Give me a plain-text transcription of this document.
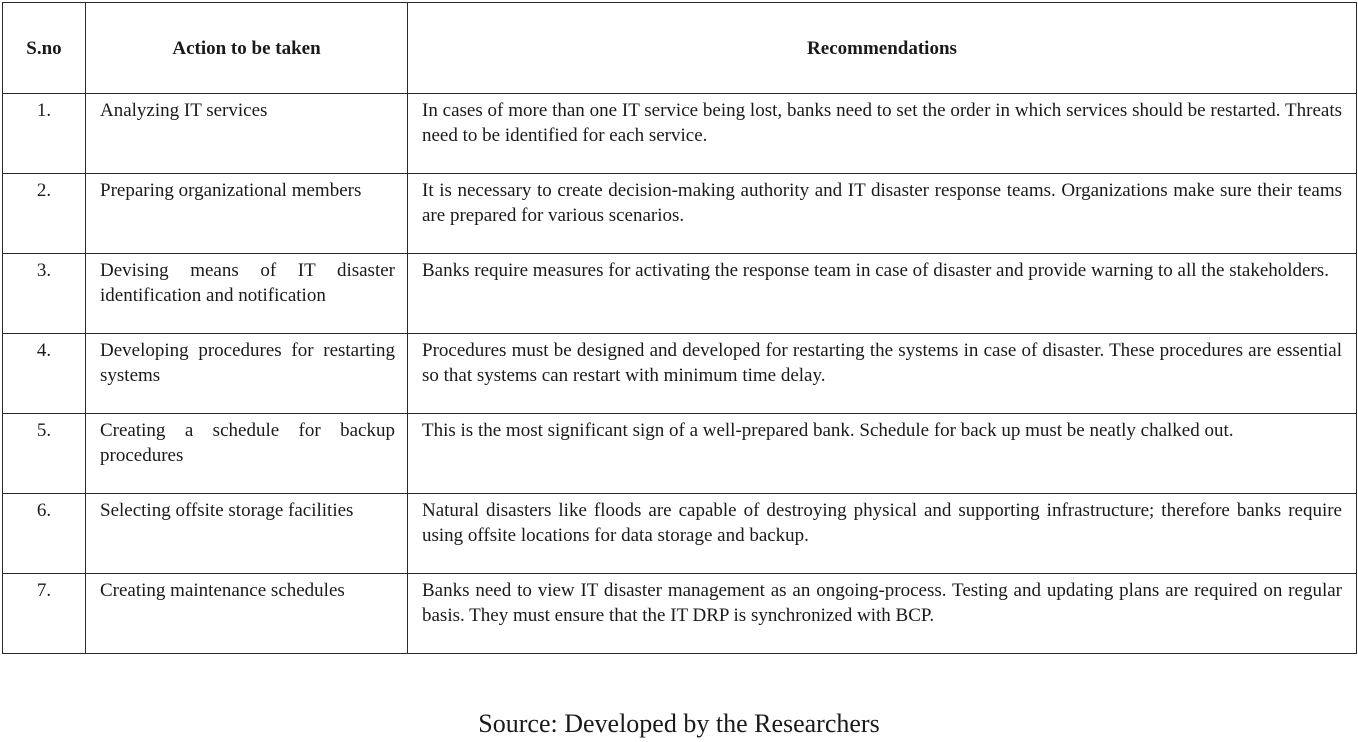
S.no	Action to be taken	Recommendations
1.	Analyzing IT services	In cases of more than one IT service being lost, banks need to set the order in which services should be restarted. Threats need to be identified for each service.
2.	Preparing organizational members	It is necessary to create decision-making authority and IT disaster response teams. Organizations make sure their teams are prepared for various scenarios.
3.	Devising means of IT disaster identification and notification	Banks require measures for activating the response team in case of disaster and provide warning to all the stakeholders.
4.	Developing procedures for restarting systems	Procedures must be designed and developed for restarting the systems in case of disaster. These procedures are essential so that systems can restart with minimum time delay.
5.	Creating a schedule for backup procedures	This is the most significant sign of a well-prepared bank. Schedule for back up must be neatly chalked out.
6.	Selecting offsite storage facilities	Natural disasters like floods are capable of destroying physical and supporting infrastructure; therefore banks require using offsite locations for data storage and backup.
7.	Creating maintenance schedules	Banks need to view IT disaster management as an ongoing-process. Testing and updating plans are required on regular basis. They must ensure that the IT DRP is synchronized with BCP.
Source: Developed by the Researchers
